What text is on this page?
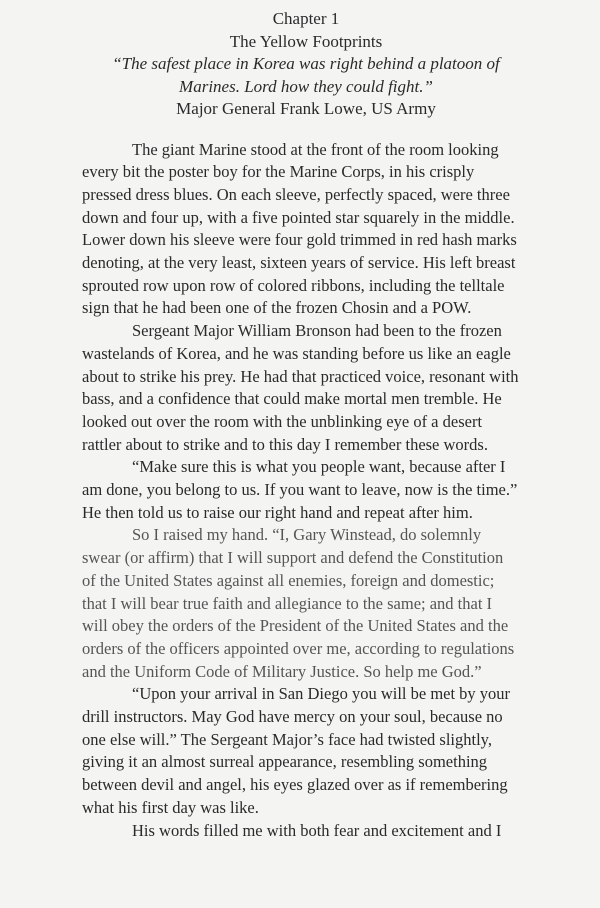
Chapter 1
The Yellow Footprints
“The safest place in Korea was right behind a platoon of
Marines. Lord how they could fight.”
Major General Frank Lowe, US Army

The giant Marine stood at the front of the room looking
every bit the poster boy for the Marine Corps, in his crisply
pressed dress blues. On each sleeve, perfectly spaced, were three
down and four up, with a five pointed star squarely in the middle.
Lower down his sleeve were four gold trimmed in red hash marks
denoting, at the very least, sixteen years of service. His left breast
sprouted row upon row of colored ribbons, including the telltale
sign that he had been one of the frozen Chosin and a POW.

Sergeant Major William Bronson had been to the frozen
wastelands of Korea, and he was standing before us like an eagle
about to strike his prey. He had that practiced voice, resonant with
bass, and a confidence that could make mortal men tremble. He
looked out over the room with the unblinking eye of a desert
rattler about to strike and to this day I remember these words.

“Make sure this is what you people want, because after I
am done, you belong to us. If you want to leave, now is the time.”
He then told us to raise our right hand and repeat after him.

So I raised my hand. “I, Gary Winstead, do solemnly
swear (or affirm) that I will support and defend the Constitution
of the United States against all enemies, foreign and domestic;
that I will bear true faith and allegiance to the same; and that I
will obey the orders of the President of the United States and the
orders of the officers appointed over me, according to regulations
and the Uniform Code of Military Justice. So help me God.”

“Upon your arrival in San Diego you will be met by your
drill instructors. May God have mercy on your soul, because no
one else will.” The Sergeant Major’s face had twisted slightly,
giving it an almost surreal appearance, resembling something
between devil and angel, his eyes glazed over as if remembering
what his first day was like.

His words filled me with both fear and excitement and I
